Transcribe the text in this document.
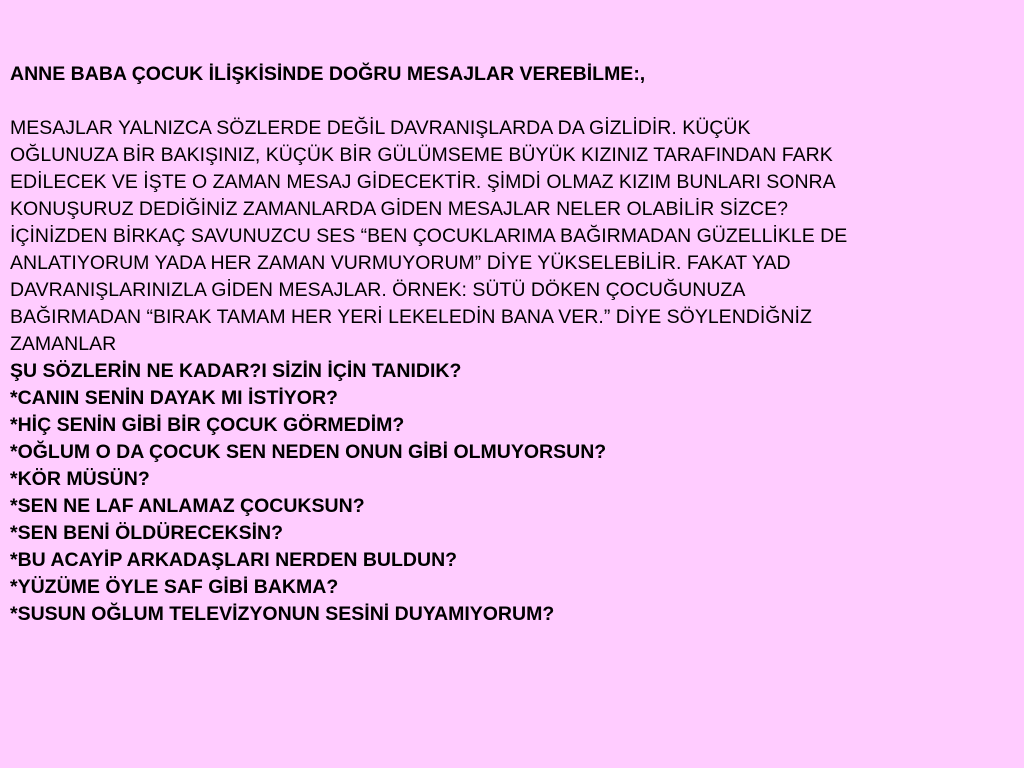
ANNE BABA ÇOCUK İLİŞKİSİNDE DOĞRU MESAJLAR VEREBİLME:,

MESAJLAR YALNIZCA SÖZLERDE DEĞİL DAVRANIŞLARDA DA GİZLİDİR. KÜÇÜK
OĞLUNUZA BİR BAKIŞINIZ, KÜÇÜK BİR GÜLÜMSEME BÜYÜK KIZINIZ TARAFINDAN FARK
EDİLECEK VE İŞTE O ZAMAN MESAJ GİDECEKTİR. ŞİMDİ OLMAZ KIZIM BUNLARI SONRA
KONUŞURUZ DEDİĞİNİZ ZAMANLARDA GİDEN MESAJLAR NELER OLABİLİR SİZCE?
İÇİNİZDEN BİRKAÇ SAVUNUZCU SES “BEN ÇOCUKLARIMA BAĞIRMADAN GÜZELLİKLE DE
ANLATIYORUM YADA HER ZAMAN VURMUYORUM” DİYE YÜKSELEBİLİR. FAKAT YAD
DAVRANIŞLARINIZLA GİDEN MESAJLAR. ÖRNEK: SÜTÜ DÖKEN ÇOCUĞUNUZA
BAĞIRMADAN “BIRAK TAMAM HER YERİ LEKELEDİN BANA VER.” DİYE SÖYLENDİĞNİZ
ZAMANLAR

ŞU SÖZLERİN NE KADAR?I SİZİN İÇİN TANIDIK?
*CANIN SENİN DAYAK MI İSTİYOR?
*HİÇ SENİN GİBİ BİR ÇOCUK GÖRMEDİM?
*OĞLUM O DA ÇOCUK SEN NEDEN ONUN GİBİ OLMUYORSUN?
*KÖR MÜSÜN?
*SEN NE LAF ANLAMAZ ÇOCUKSUN?
*SEN BENİ ÖLDÜRECEKSİN?
*BU ACAYİP ARKADAŞLARI NERDEN BULDUN?
*YÜZÜME ÖYLE SAF GİBİ BAKMA?
*SUSUN OĞLUM TELEVİZYONUN SESİNİ DUYAMIYORUM?
